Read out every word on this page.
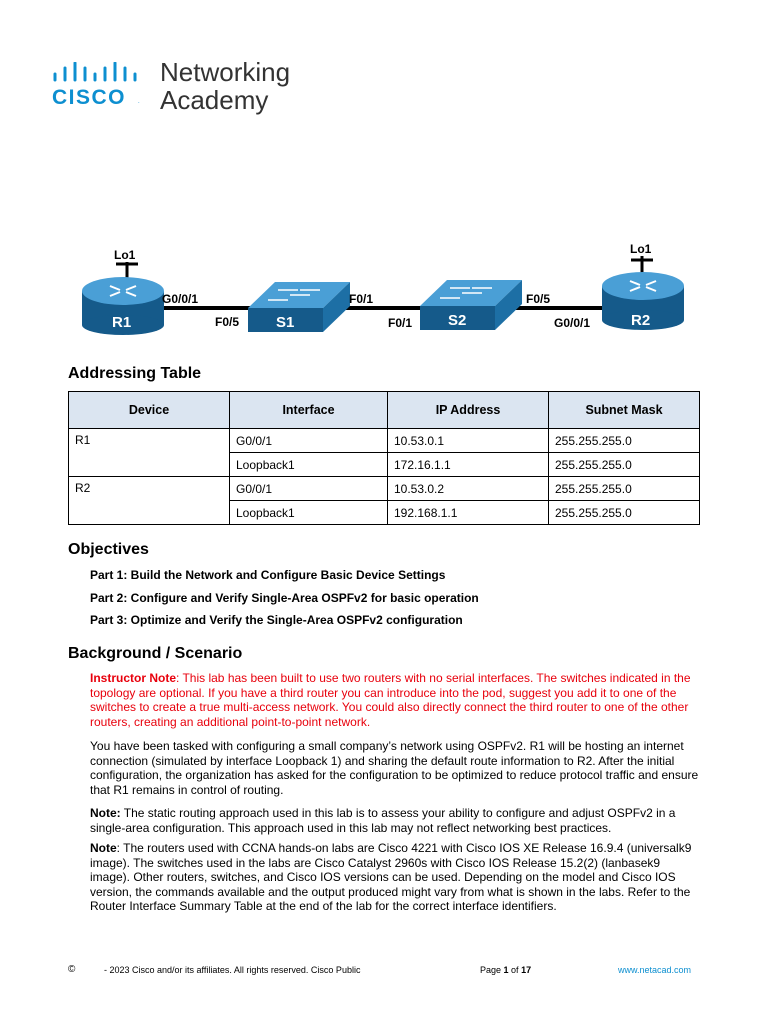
CISCO .
Networking
Academy
Lo1
R1
G0/0/1
S1
F0/5
F0/1
S2
F0/1
F0/5
Lo1
R2
G0/0/1
Addressing Table
Device	Interface	IP Address	Subnet Mask
R1	G0/0/1	10.53.0.1	255.255.255.0
	Loopback1	172.16.1.1	255.255.255.0
R2	G0/0/1	10.53.0.2	255.255.255.0
	Loopback1	192.168.1.1	255.255.255.0
Objectives
Part 1: Build the Network and Configure Basic Device Settings
Part 2: Configure and Verify Single-Area OSPFv2 for basic operation
Part 3: Optimize and Verify the Single-Area OSPFv2 configuration
Background / Scenario

Instructor Note: This lab has been built to use two routers with no serial interfaces. The switches indicated in the topology are optional. If you have a third router you can introduce into the pod, suggest you add it to one of the switches to create a true multi-access network. You could also directly connect the third router to one of the other routers, creating an additional point-to-point network.

You have been tasked with configuring a small company’s network using OSPFv2. R1 will be hosting an internet connection (simulated by interface Loopback 1) and sharing the default route information to R2. After the initial configuration, the organization has asked for the configuration to be optimized to reduce protocol traffic and ensure that R1 remains in control of routing.

Note: The static routing approach used in this lab is to assess your ability to configure and adjust OSPFv2 in a single-area configuration. This approach used in this lab may not reflect networking best practices.

Note: The routers used with CCNA hands-on labs are Cisco 4221 with Cisco IOS XE Release 16.9.4 (universalk9 image). The switches used in the labs are Cisco Catalyst 2960s with Cisco IOS Release 15.2(2) (lanbasek9 image). Other routers, switches, and Cisco IOS versions can be used. Depending on the model and Cisco IOS version, the commands available and the output produced might vary from what is shown in the labs. Refer to the Router Interface Summary Table at the end of the lab for the correct interface identifiers.

©	- 2023 Cisco and/or its affiliates. All rights reserved. Cisco Public	Page 1 of 17	www.netacad.com
